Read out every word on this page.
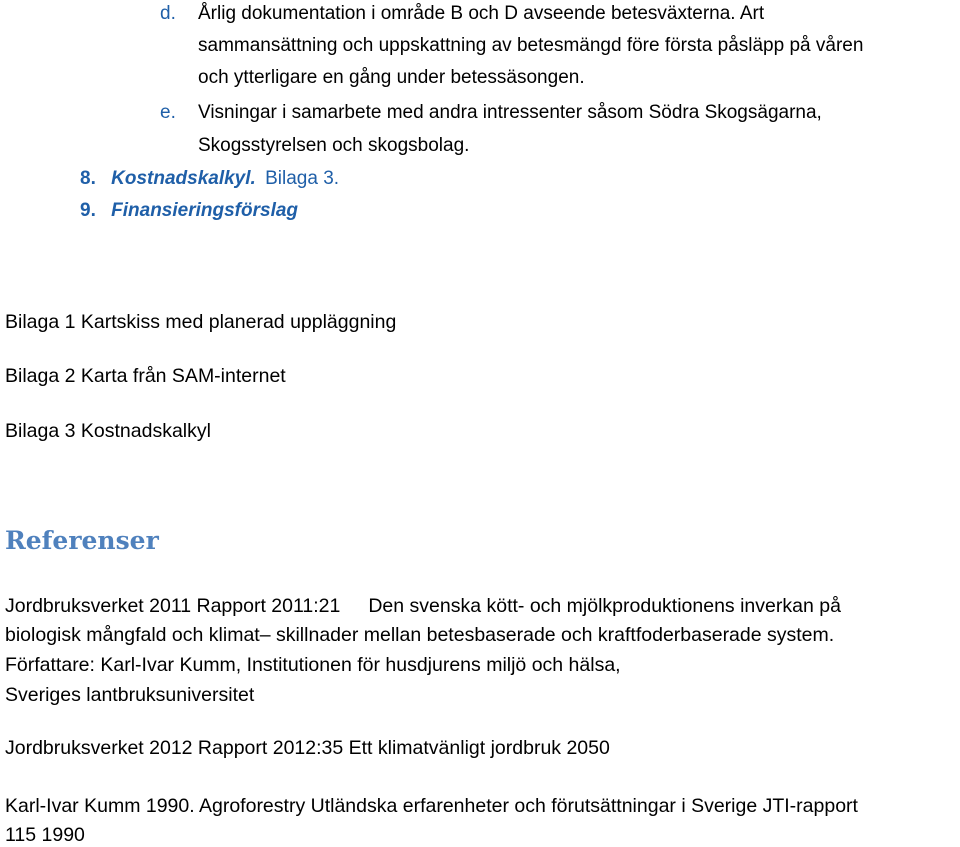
d. Årlig dokumentation i område B och D avseende betesväxterna. Art
sammansättning och uppskattning av betesmängd före första påsläpp på våren
och ytterligare en gång under betessäsongen.
e. Visningar i samarbete med andra intressenter såsom Södra Skogsägarna,
Skogsstyrelsen och skogsbolag.
8. Kostnadskalkyl. Bilaga 3.
9. Finansieringsförslag
Bilaga 1 Kartskiss med planerad uppläggning
Bilaga 2 Karta från SAM-internet
Bilaga 3 Kostnadskalkyl
Referenser
Jordbruksverket 2011 Rapport 2011:21 Den svenska kött- och mjölkproduktionens inverkan på
biologisk mångfald och klimat– skillnader mellan betesbaserade och kraftfoderbaserade system.
Författare: Karl-Ivar Kumm, Institutionen för husdjurens miljö och hälsa,
Sveriges lantbruksuniversitet
Jordbruksverket 2012 Rapport 2012:35 Ett klimatvänligt jordbruk 2050
Karl-Ivar Kumm 1990. Agroforestry Utländska erfarenheter och förutsättningar i Sverige JTI-rapport
115 1990
